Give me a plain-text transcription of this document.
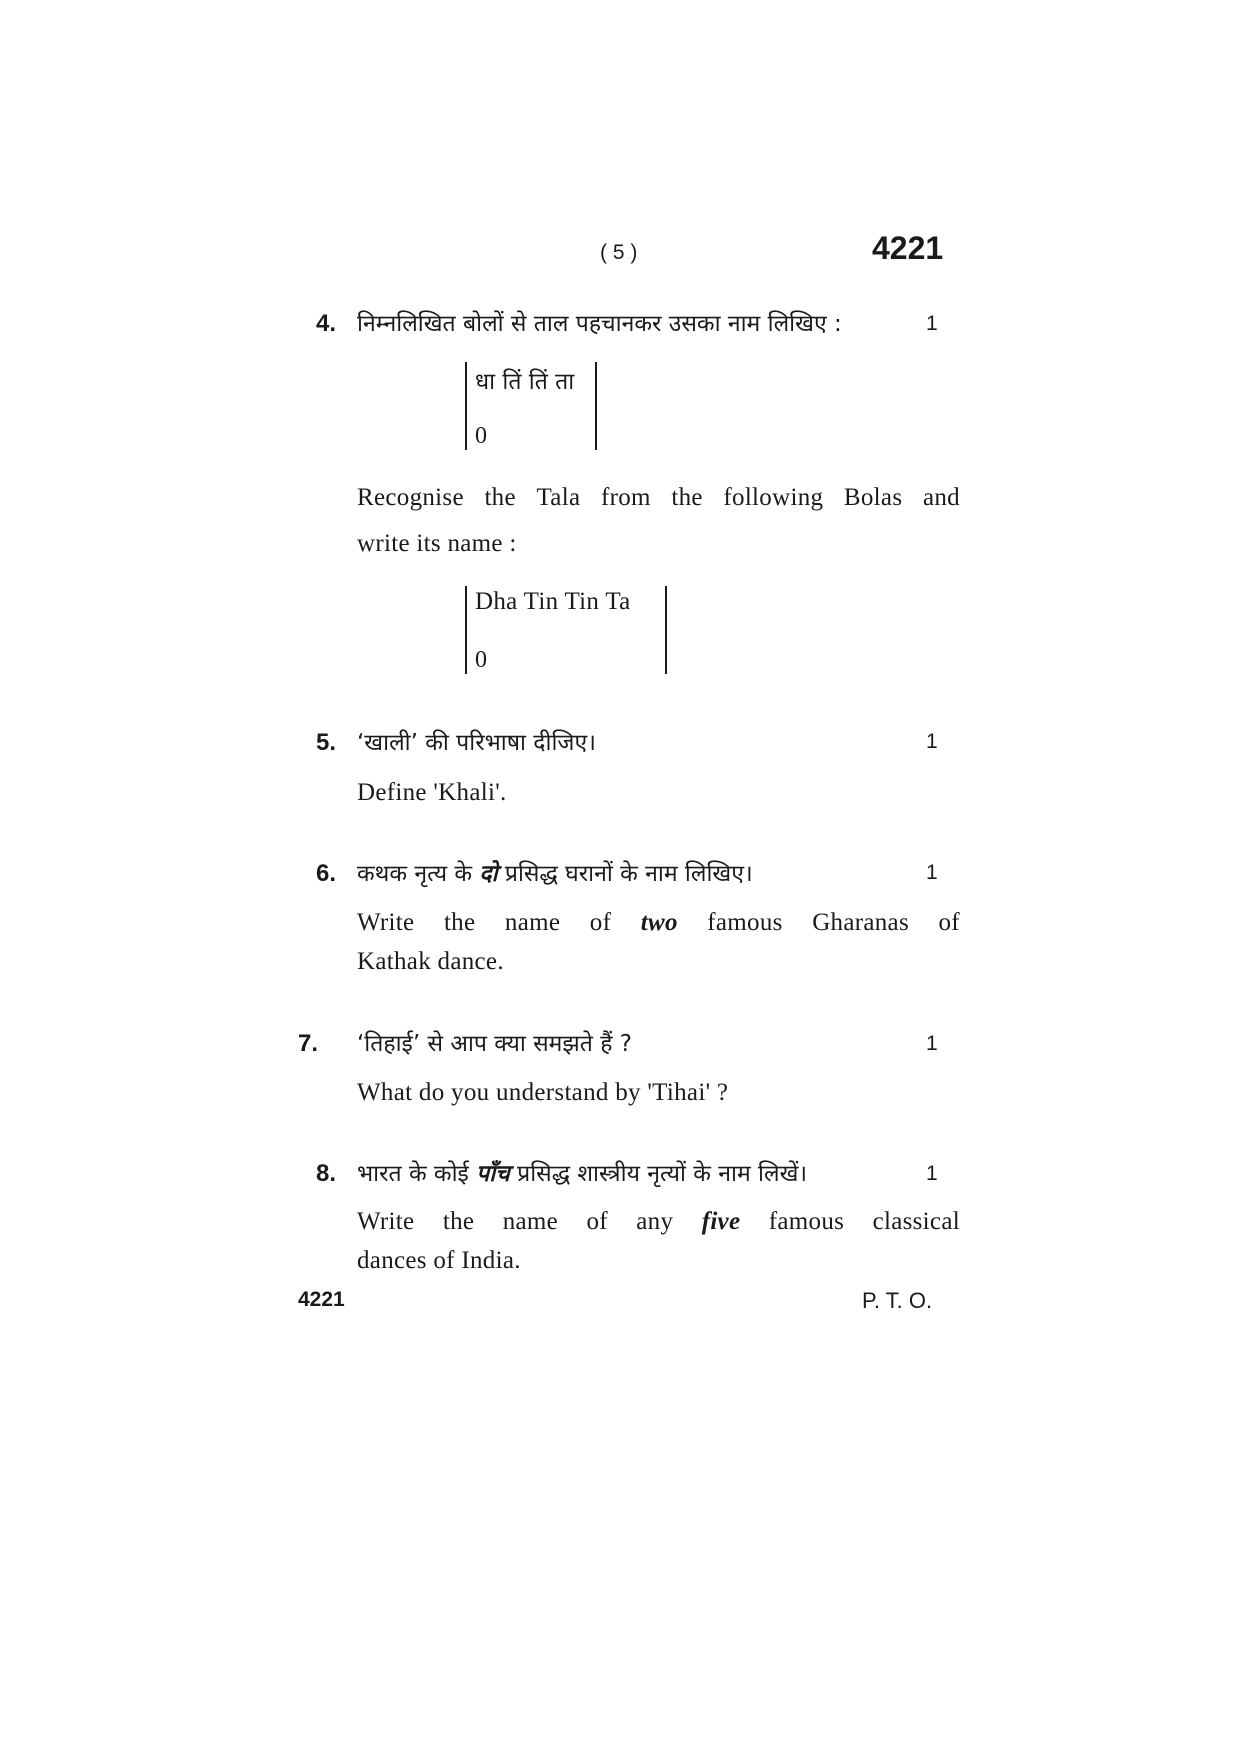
( 5 )	4221
4. निम्नलिखित बोलों से ताल पहचानकर उसका नाम लिखिए :	1
धा तिं तिं ता
0
Recognise the Tala from the following Bolas and
write its name :
Dha Tin Tin Ta
0
5. ‘खाली’ की परिभाषा दीजिए।	1
Define 'Khali'.
6. कथक नृत्य के दो प्रसिद्ध घरानों के नाम लिखिए।	1
Write the name of two famous Gharanas of
Kathak dance.
7. ‘तिहाई’ से आप क्या समझते हैं ?	1
What do you understand by 'Tihai' ?
8. भारत के कोई पाँच प्रसिद्ध शास्त्रीय नृत्यों के नाम लिखें।	1
Write the name of any five famous classical
dances of India.
4221	P. T. O.
